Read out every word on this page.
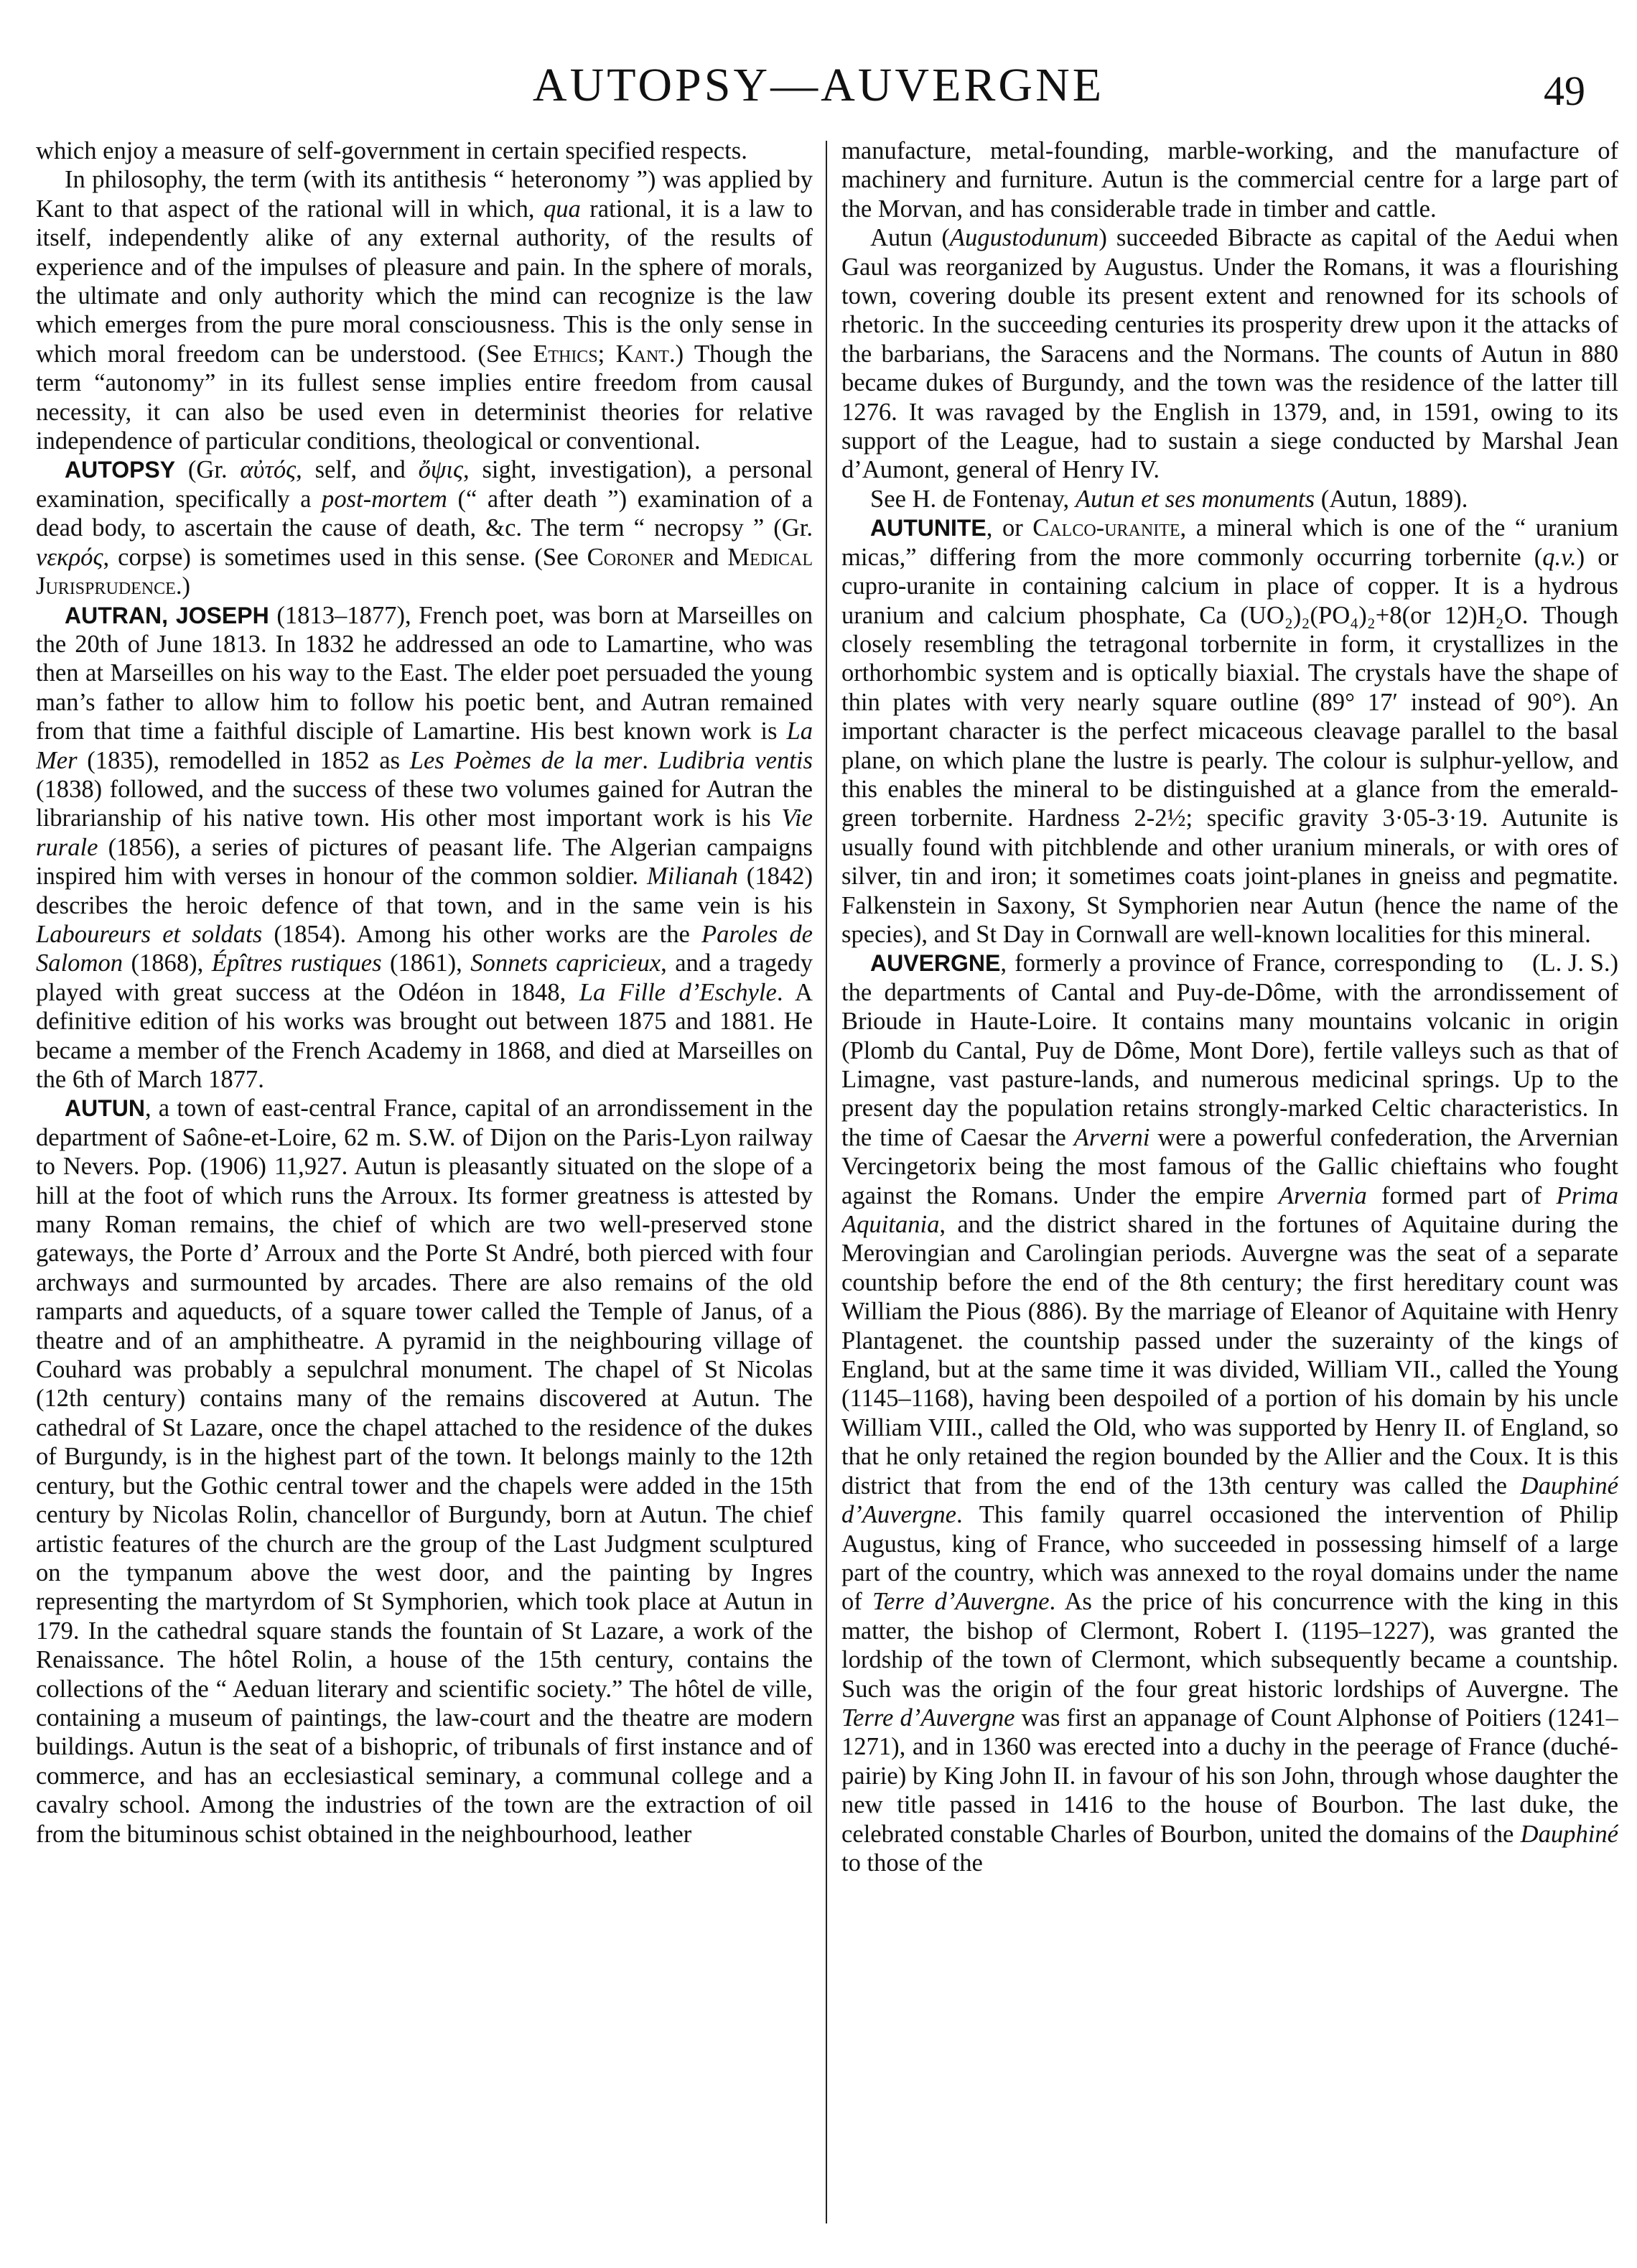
AUTOPSY—AUVERGNE	49

which enjoy a measure of self-government in certain specified respects.

In philosophy, the term (with its antithesis “ heteronomy ”) was applied by Kant to that aspect of the rational will in which, qua rational, it is a law to itself, independently alike of any external authority, of the results of experience and of the impulses of pleasure and pain. In the sphere of morals, the ultimate and only authority which the mind can recognize is the law which emerges from the pure moral consciousness. This is the only sense in which moral freedom can be understood. (See Ethics; Kant.) Though the term “autonomy” in its fullest sense implies entire freedom from causal necessity, it can also be used even in determinist theories for relative independence of particular conditions, theological or conventional.

AUTOPSY (Gr. αὐτός, self, and ὄψις, sight, investigation), a personal examination, specifically a post-mortem (“ after death ”) examination of a dead body, to ascertain the cause of death, &c. The term “ necropsy ” (Gr. νεκρός, corpse) is sometimes used in this sense. (See Coroner and Medical Jurisprudence.)

AUTRAN, JOSEPH (1813–1877), French poet, was born at Marseilles on the 20th of June 1813. In 1832 he addressed an ode to Lamartine, who was then at Marseilles on his way to the East. The elder poet persuaded the young man’s father to allow him to follow his poetic bent, and Autran remained from that time a faithful disciple of Lamartine. His best known work is La Mer (1835), remodelled in 1852 as Les Poèmes de la mer. Ludibria ventis (1838) followed, and the success of these two volumes gained for Autran the librarianship of his native town. His other most important work is his Vie rurale (1856), a series of pictures of peasant life. The Algerian campaigns inspired him with verses in honour of the common soldier. Milianah (1842) describes the heroic defence of that town, and in the same vein is his Laboureurs et soldats (1854). Among his other works are the Paroles de Salomon (1868), Épîtres rustiques (1861), Sonnets capricieux, and a tragedy played with great success at the Odéon in 1848, La Fille d’Eschyle. A definitive edition of his works was brought out between 1875 and 1881. He became a member of the French Academy in 1868, and died at Marseilles on the 6th of March 1877.

AUTUN, a town of east-central France, capital of an arrondissement in the department of Saône-et-Loire, 62 m. S.W. of Dijon on the Paris-Lyon railway to Nevers. Pop. (1906) 11,927. Autun is pleasantly situated on the slope of a hill at the foot of which runs the Arroux. Its former greatness is attested by many Roman remains, the chief of which are two well-preserved stone gateways, the Porte d’ Arroux and the Porte St André, both pierced with four archways and surmounted by arcades. There are also remains of the old ramparts and aqueducts, of a square tower called the Temple of Janus, of a theatre and of an amphitheatre. A pyramid in the neighbouring village of Couhard was probably a sepulchral monument. The chapel of St Nicolas (12th century) contains many of the remains discovered at Autun. The cathedral of St Lazare, once the chapel attached to the residence of the dukes of Burgundy, is in the highest part of the town. It belongs mainly to the 12th century, but the Gothic central tower and the chapels were added in the 15th century by Nicolas Rolin, chancellor of Burgundy, born at Autun. The chief artistic features of the church are the group of the Last Judgment sculptured on the tympanum above the west door, and the painting by Ingres representing the martyrdom of St Symphorien, which took place at Autun in 179. In the cathedral square stands the fountain of St Lazare, a work of the Renaissance. The hôtel Rolin, a house of the 15th century, contains the collections of the “ Aeduan literary and scientific society.” The hôtel de ville, containing a museum of paintings, the law-court and the theatre are modern buildings. Autun is the seat of a bishopric, of tribunals of first instance and of commerce, and has an ecclesiastical seminary, a communal college and a cavalry school. Among the industries of the town are the extraction of oil from the bituminous schist obtained in the neighbourhood, leather

manufacture, metal-founding, marble-working, and the manufacture of machinery and furniture. Autun is the commercial centre for a large part of the Morvan, and has considerable trade in timber and cattle.

Autun (Augustodunum) succeeded Bibracte as capital of the Aedui when Gaul was reorganized by Augustus. Under the Romans, it was a flourishing town, covering double its present extent and renowned for its schools of rhetoric. In the succeeding centuries its prosperity drew upon it the attacks of the barbarians, the Saracens and the Normans. The counts of Autun in 880 became dukes of Burgundy, and the town was the residence of the latter till 1276. It was ravaged by the English in 1379, and, in 1591, owing to its support of the League, had to sustain a siege conducted by Marshal Jean d’Aumont, general of Henry IV.

See H. de Fontenay, Autun et ses monuments (Autun, 1889).

AUTUNITE, or Calco-uranite, a mineral which is one of the “ uranium micas,” differing from the more commonly occurring torbernite (q.v.) or cupro-uranite in containing calcium in place of copper. It is a hydrous uranium and calcium phosphate, Ca (UO₂)₂(PO₄)₂+8(or 12)H₂O. Though closely resembling the tetragonal torbernite in form, it crystallizes in the orthorhombic system and is optically biaxial. The crystals have the shape of thin plates with very nearly square outline (89° 17′ instead of 90°). An important character is the perfect micaceous cleavage parallel to the basal plane, on which plane the lustre is pearly. The colour is sulphur-yellow, and this enables the mineral to be distinguished at a glance from the emerald-green torbernite. Hardness 2-2½; specific gravity 3·05-3·19. Autunite is usually found with pitchblende and other uranium minerals, or with ores of silver, tin and iron; it sometimes coats joint-planes in gneiss and pegmatite. Falkenstein in Saxony, St Symphorien near Autun (hence the name of the species), and St Day in Cornwall are well-known localities for this mineral.
(L. J. S.)

AUVERGNE, formerly a province of France, corresponding to the departments of Cantal and Puy-de-Dôme, with the arrondissement of Brioude in Haute-Loire. It contains many mountains volcanic in origin (Plomb du Cantal, Puy de Dôme, Mont Dore), fertile valleys such as that of Limagne, vast pasture-lands, and numerous medicinal springs. Up to the present day the population retains strongly-marked Celtic characteristics. In the time of Caesar the Arverni were a powerful confederation, the Arvernian Vercingetorix being the most famous of the Gallic chieftains who fought against the Romans. Under the empire Arvernia formed part of Prima Aquitania, and the district shared in the fortunes of Aquitaine during the Merovingian and Carolingian periods. Auvergne was the seat of a separate countship before the end of the 8th century; the first hereditary count was William the Pious (886). By the marriage of Eleanor of Aquitaine with Henry Plantagenet. the countship passed under the suzerainty of the kings of England, but at the same time it was divided, William VII., called the Young (1145–1168), having been despoiled of a portion of his domain by his uncle William VIII., called the Old, who was supported by Henry II. of England, so that he only retained the region bounded by the Allier and the Coux. It is this district that from the end of the 13th century was called the Dauphiné d’Auvergne. This family quarrel occasioned the intervention of Philip Augustus, king of France, who succeeded in possessing himself of a large part of the country, which was annexed to the royal domains under the name of Terre d’Auvergne. As the price of his concurrence with the king in this matter, the bishop of Clermont, Robert I. (1195–1227), was granted the lordship of the town of Clermont, which subsequently became a countship. Such was the origin of the four great historic lordships of Auvergne. The Terre d’Auvergne was first an appanage of Count Alphonse of Poitiers (1241–1271), and in 1360 was erected into a duchy in the peerage of France (duché-pairie) by King John II. in favour of his son John, through whose daughter the new title passed in 1416 to the house of Bourbon. The last duke, the celebrated constable Charles of Bourbon, united the domains of the Dauphiné to those of the
